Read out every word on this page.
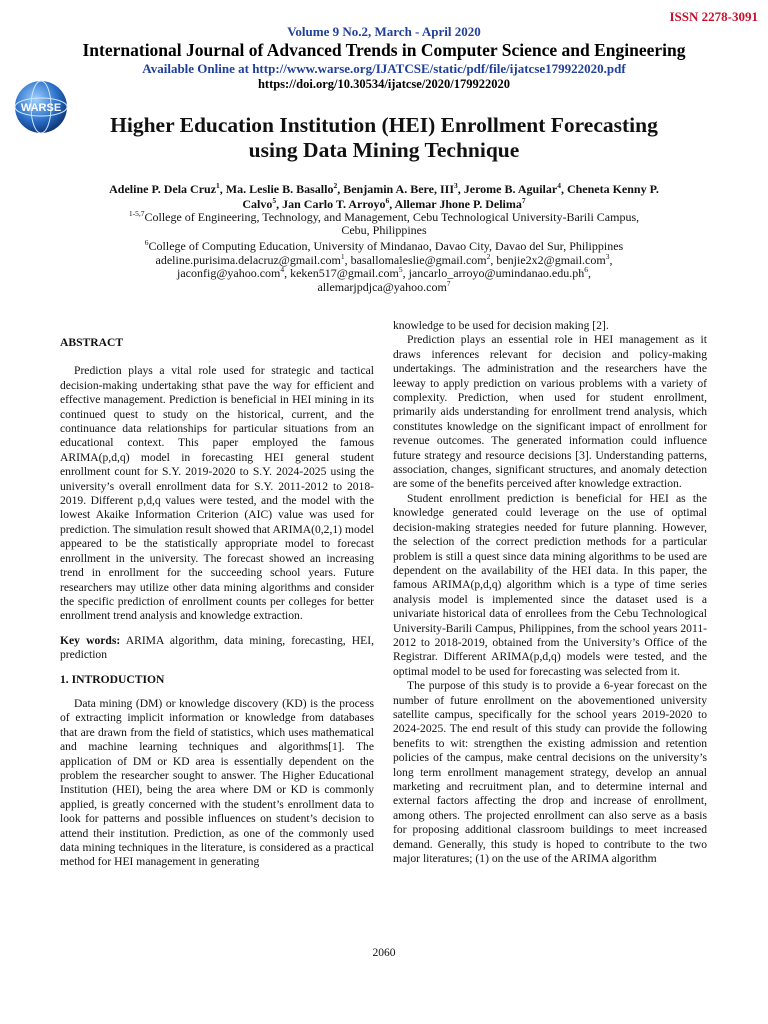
ISSN 2278-3091
Volume 9 No.2, March - April 2020
International Journal of Advanced Trends in Computer Science and Engineering
Available Online at http://www.warse.org/IJATCSE/static/pdf/file/ijatcse179922020.pdf
https://doi.org/10.30534/ijatcse/2020/179922020
WARSE
Higher Education Institution (HEI) Enrollment Forecasting
using Data Mining Technique
Adeline P. Dela Cruz$^1$, Ma. Leslie B. Basallo$^2$, Benjamin A. Bere, III$^3$, Jerome B. Aguilar$^4$, Cheneta Kenny P. Calvo$^5$, Jan Carlo T. Arroyo$^6$, Allemar Jhone P. Delima$^7$
$^{1-5,7}$College of Engineering, Technology, and Management, Cebu Technological University-Barili Campus,
Cebu, Philippines
$^6$College of Computing Education, University of Mindanao, Davao City, Davao del Sur, Philippines
adeline.purisima.delacruz@gmail.com$^1$, basallomaleslie@gmail.com$^2$, benjie2x2@gmail.com$^3$,
jaconfig@yahoo.com$^4$, keken517@gmail.com$^5$, $jancarlo\_arroyo@umindanao.edu.ph^6$,
allemarjpdjca@yahoo.com$^7$

ABSTRACT

Prediction plays a vital role used for strategic and tactical decision-making undertaking sthat pave the way for efficient and effective management. Prediction is beneficial in HEI mining in its continued quest to study on the historical, current, and the continuance data relationships for particular situations from an educational context. This paper employed the famous ARIMA(p,d,q) model in forecasting HEI general student enrollment count for S.Y. 2019-2020 to S.Y. 2024-2025 using the university’s overall enrollment data for S.Y. 2011-2012 to 2018-2019. Different p,d,q values were tested, and the model with the lowest Akaike Information Criterion (AIC) value was used for prediction. The simulation result showed that ARIMA(0,2,1) model appeared to be the statistically appropriate model to forecast enrollment in the university. The forecast showed an increasing trend in enrollment for the succeeding school years. Future researchers may utilize other data mining algorithms and consider the specific prediction of enrollment counts per colleges for better enrollment trend analysis and knowledge extraction.

Key words: ARIMA algorithm, data mining, forecasting, HEI, prediction

1. INTRODUCTION

Data mining (DM) or knowledge discovery (KD) is the process of extracting implicit information or knowledge from databases that are drawn from the field of statistics, which uses mathematical and machine learning techniques and algorithms[1]. The application of DM or KD area is essentially dependent on the problem the researcher sought to answer. The Higher Educational Institution (HEI), being the area where DM or KD is commonly applied, is greatly concerned with the student’s enrollment data to look for patterns and possible influences on student’s decision to attend their institution. Prediction, as one of the commonly used data mining techniques in the literature, is considered as a practical method for HEI management in generating

knowledge to be used for decision making [2].

Prediction plays an essential role in HEI management as it draws inferences relevant for decision and policy-making undertakings. The administration and the researchers have the leeway to apply prediction on various problems with a variety of complexity. Prediction, when used for student enrollment, primarily aids understanding for enrollment trend analysis, which constitutes knowledge on the significant impact of enrollment for revenue outcomes. The generated information could influence future strategy and resource decisions [3]. Understanding patterns, association, changes, significant structures, and anomaly detection are some of the benefits perceived after knowledge extraction.

Student enrollment prediction is beneficial for HEI as the knowledge generated could leverage on the use of optimal decision-making strategies needed for future planning. However, the selection of the correct prediction methods for a particular problem is still a quest since data mining algorithms to be used are dependent on the availability of the HEI data. In this paper, the famous ARIMA(p,d,q) algorithm which is a type of time series analysis model is implemented since the dataset used is a univariate historical data of enrollees from the Cebu Technological University-Barili Campus, Philippines, from the school years 2011-2012 to 2018-2019, obtained from the University’s Office of the Registrar. Different ARIMA(p,d,q) models were tested, and the optimal model to be used for forecasting was selected from it.

The purpose of this study is to provide a 6-year forecast on the number of future enrollment on the abovementioned university satellite campus, specifically for the school years 2019-2020 to 2024-2025. The end result of this study can provide the following benefits to wit: strengthen the existing admission and retention policies of the campus, make central decisions on the university’s long term enrollment management strategy, develop an annual marketing and recruitment plan, and to determine internal and external factors affecting the drop and increase of enrollment, among others. The projected enrollment can also serve as a basis for proposing additional classroom buildings to meet increased demand. Generally, this study is hoped to contribute to the two major literatures; (1) on the use of the ARIMA algorithm

2060
